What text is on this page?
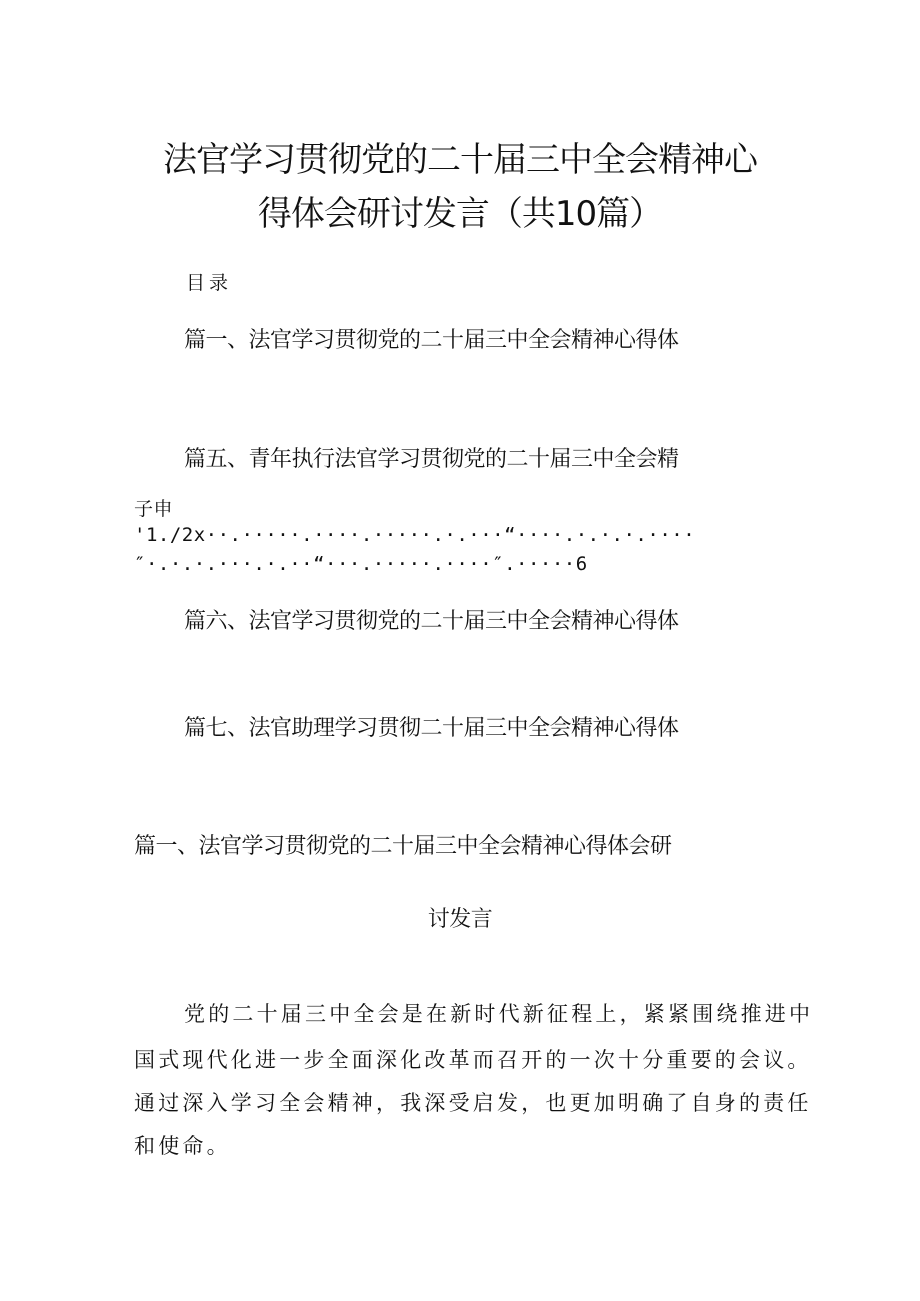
法官学习贯彻党的二十届三中全会精神心
得体会研讨发言（共10篇）
目录
篇一、法官学习贯彻党的二十届三中全会精神心得体
篇五、青年执行法官学习贯彻党的二十届三中全会精
子申
'1./2x··.·····.····.·····.·.···“····.·.·.·.····
″·.·.·.···.·.··“···.·····.····″.·····6
篇六、法官学习贯彻党的二十届三中全会精神心得体
篇七、法官助理学习贯彻二十届三中全会精神心得体
篇一、法官学习贯彻党的二十届三中全会精神心得体会研
讨发言
党的二十届三中全会是在新时代新征程上，紧紧围绕推进中
国式现代化进一步全面深化改革而召开的一次十分重要的会议。
通过深入学习全会精神，我深受启发，也更加明确了自身的责任
和使命。
